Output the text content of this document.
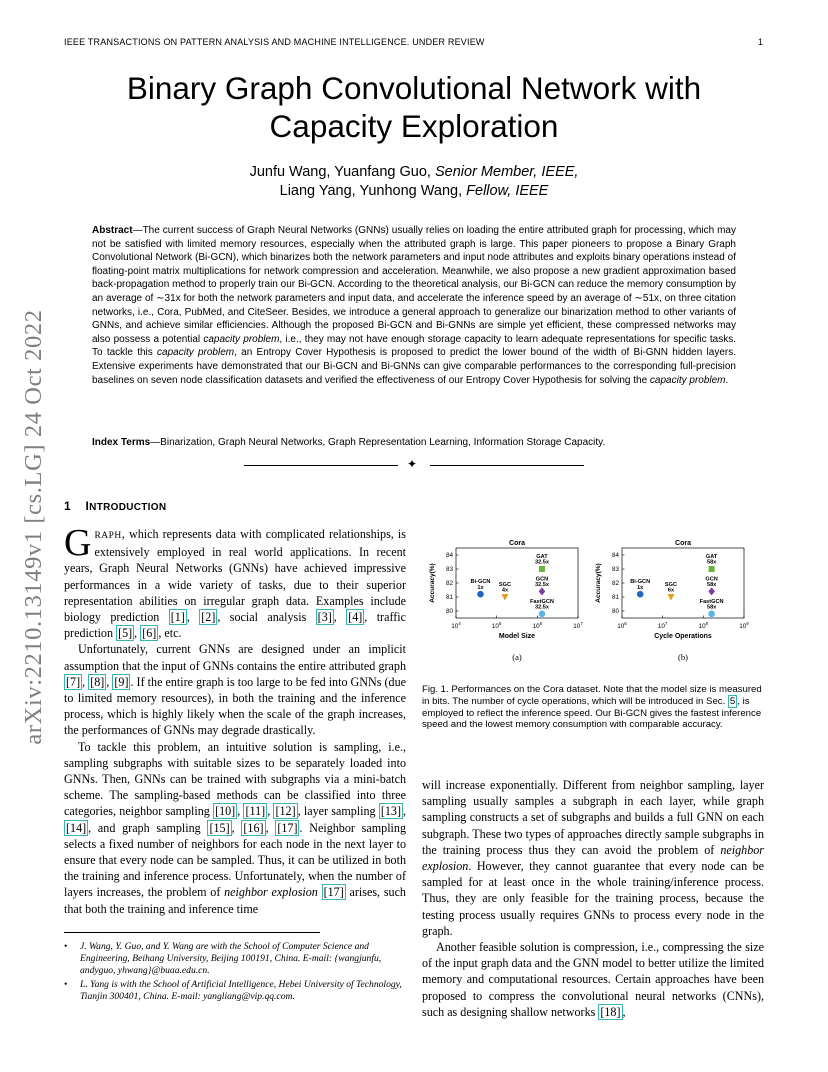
IEEE TRANSACTIONS ON PATTERN ANALYSIS AND MACHINE INTELLIGENCE. UNDER REVIEW	1
arXiv:2210.13149v1 [cs.LG] 24 Oct 2022
Binary Graph Convolutional Network with
Capacity Exploration
Junfu Wang, Yuanfang Guo, Senior Member, IEEE,
Liang Yang, Yunhong Wang, Fellow, IEEE
Abstract—The current success of Graph Neural Networks (GNNs) usually relies on loading the entire attributed graph for processing, which may not be satisfied with limited memory resources, especially when the attributed graph is large. This paper pioneers to propose a Binary Graph Convolutional Network (Bi-GCN), which binarizes both the network parameters and input node attributes and exploits binary operations instead of floating-point matrix multiplications for network compression and acceleration. Meanwhile, we also propose a new gradient approximation based back-propagation method to properly train our Bi-GCN. According to the theoretical analysis, our Bi-GCN can reduce the memory consumption by an average of ∼31x for both the network parameters and input data, and accelerate the inference speed by an average of ∼51x, on three citation networks, i.e., Cora, PubMed, and CiteSeer. Besides, we introduce a general approach to generalize our binarization method to other variants of GNNs, and achieve similar efficiencies. Although the proposed Bi-GCN and Bi-GNNs are simple yet efficient, these compressed networks may also possess a potential capacity problem, i.e., they may not have enough storage capacity to learn adequate representations for specific tasks. To tackle this capacity problem, an Entropy Cover Hypothesis is proposed to predict the lower bound of the width of Bi-GNN hidden layers. Extensive experiments have demonstrated that our Bi-GCN and Bi-GNNs can give comparable performances to the corresponding full-precision baselines on seven node classification datasets and verified the effectiveness of our Entropy Cover Hypothesis for solving the capacity problem.
Index Terms—Binarization, Graph Neural Networks, Graph Representation Learning, Information Storage Capacity.
✦
1 INTRODUCTION

GRAPH, which represents data with complicated relationships, is extensively employed in real world applications. In recent years, Graph Neural Networks (GNNs) have achieved impressive performances in a wide variety of tasks, due to their superior representation abilities on irregular graph data. Examples include biology prediction [1] , [2] , social analysis [3] , [4] , traffic prediction [5] , [6] , etc.

Unfortunately, current GNNs are designed under an implicit assumption that the input of GNNs contains the entire attributed graph [7] , [8] , [9] . If the entire graph is too large to be fed into GNNs (due to limited memory resources), in both the training and the inference process, which is highly likely when the scale of the graph increases, the performances of GNNs may degrade drastically.

To tackle this problem, an intuitive solution is sampling, i.e., sampling subgraphs with suitable sizes to be separately loaded into GNNs. Then, GNNs can be trained with subgraphs via a mini-batch scheme. The sampling-based methods can be classified into three categories, neighbor sampling [10] , [11] , [12] , layer sampling [13] , [14] , and graph sampling [15] , [16] , [17] . Neighbor sampling selects a fixed number of neighbors for each node in the next layer to ensure that every node can be sampled. Thus, it can be utilized in both the training and inference process. Unfortunately, when the number of layers increases, the problem of neighbor explosion [17] arises, such that both the training and inference time

• J. Wang, Y. Guo, and Y. Wang are with the School of Computer Science and Engineering, Beihang University, Beijing 100191, China. E-mail: {wangjunfu, andyguo, yhwang}@buaa.edu.cn.
• L. Yang is with the School of Artificial Intelligence, Hebei University of Technology, Tianjin 300401, China. E-mail: yangliang@vip.qq.com.
Cora
Accuracy(%)
84
83
82
81
80
$10^4$	$10^5$	$10^6$	$10^7$
Model Size
(a)
Bi-GCN
1x	SGC
4x
GAT
32.5x
GCN
32.5x
FastGCN
32.5x
Cora
Accuracy(%)
84
83
82
81
80
$10^6$	$10^7$	$10^8$	$10^9$
Cycle Operations
(b)
Bi-GCN
1x	SGC
6x
GAT
58x
GCN
58x
FastGCN
58x
Fig. 1. Performances on the Cora dataset. Note that the model size is measured in bits. The number of cycle operations, which will be introduced in Sec. 5 , is employed to reflect the inference speed. Our Bi-GCN gives the fastest inference speed and the lowest memory consumption with comparable accuracy.

will increase exponentially. Different from neighbor sampling, layer sampling usually samples a subgraph in each layer, while graph sampling constructs a set of subgraphs and builds a full GNN on each subgraph. These two types of approaches directly sample subgraphs in the training process thus they can avoid the problem of neighbor explosion. However, they cannot guarantee that every node can be sampled for at least once in the whole training/inference process. Thus, they are only feasible for the training process, because the testing process usually requires GNNs to process every node in the graph.

Another feasible solution is compression, i.e., compressing the size of the input graph data and the GNN model to better utilize the limited memory and computational resources. Certain approaches have been proposed to compress the convolutional neural networks (CNNs), such as designing shallow networks [18] ,
